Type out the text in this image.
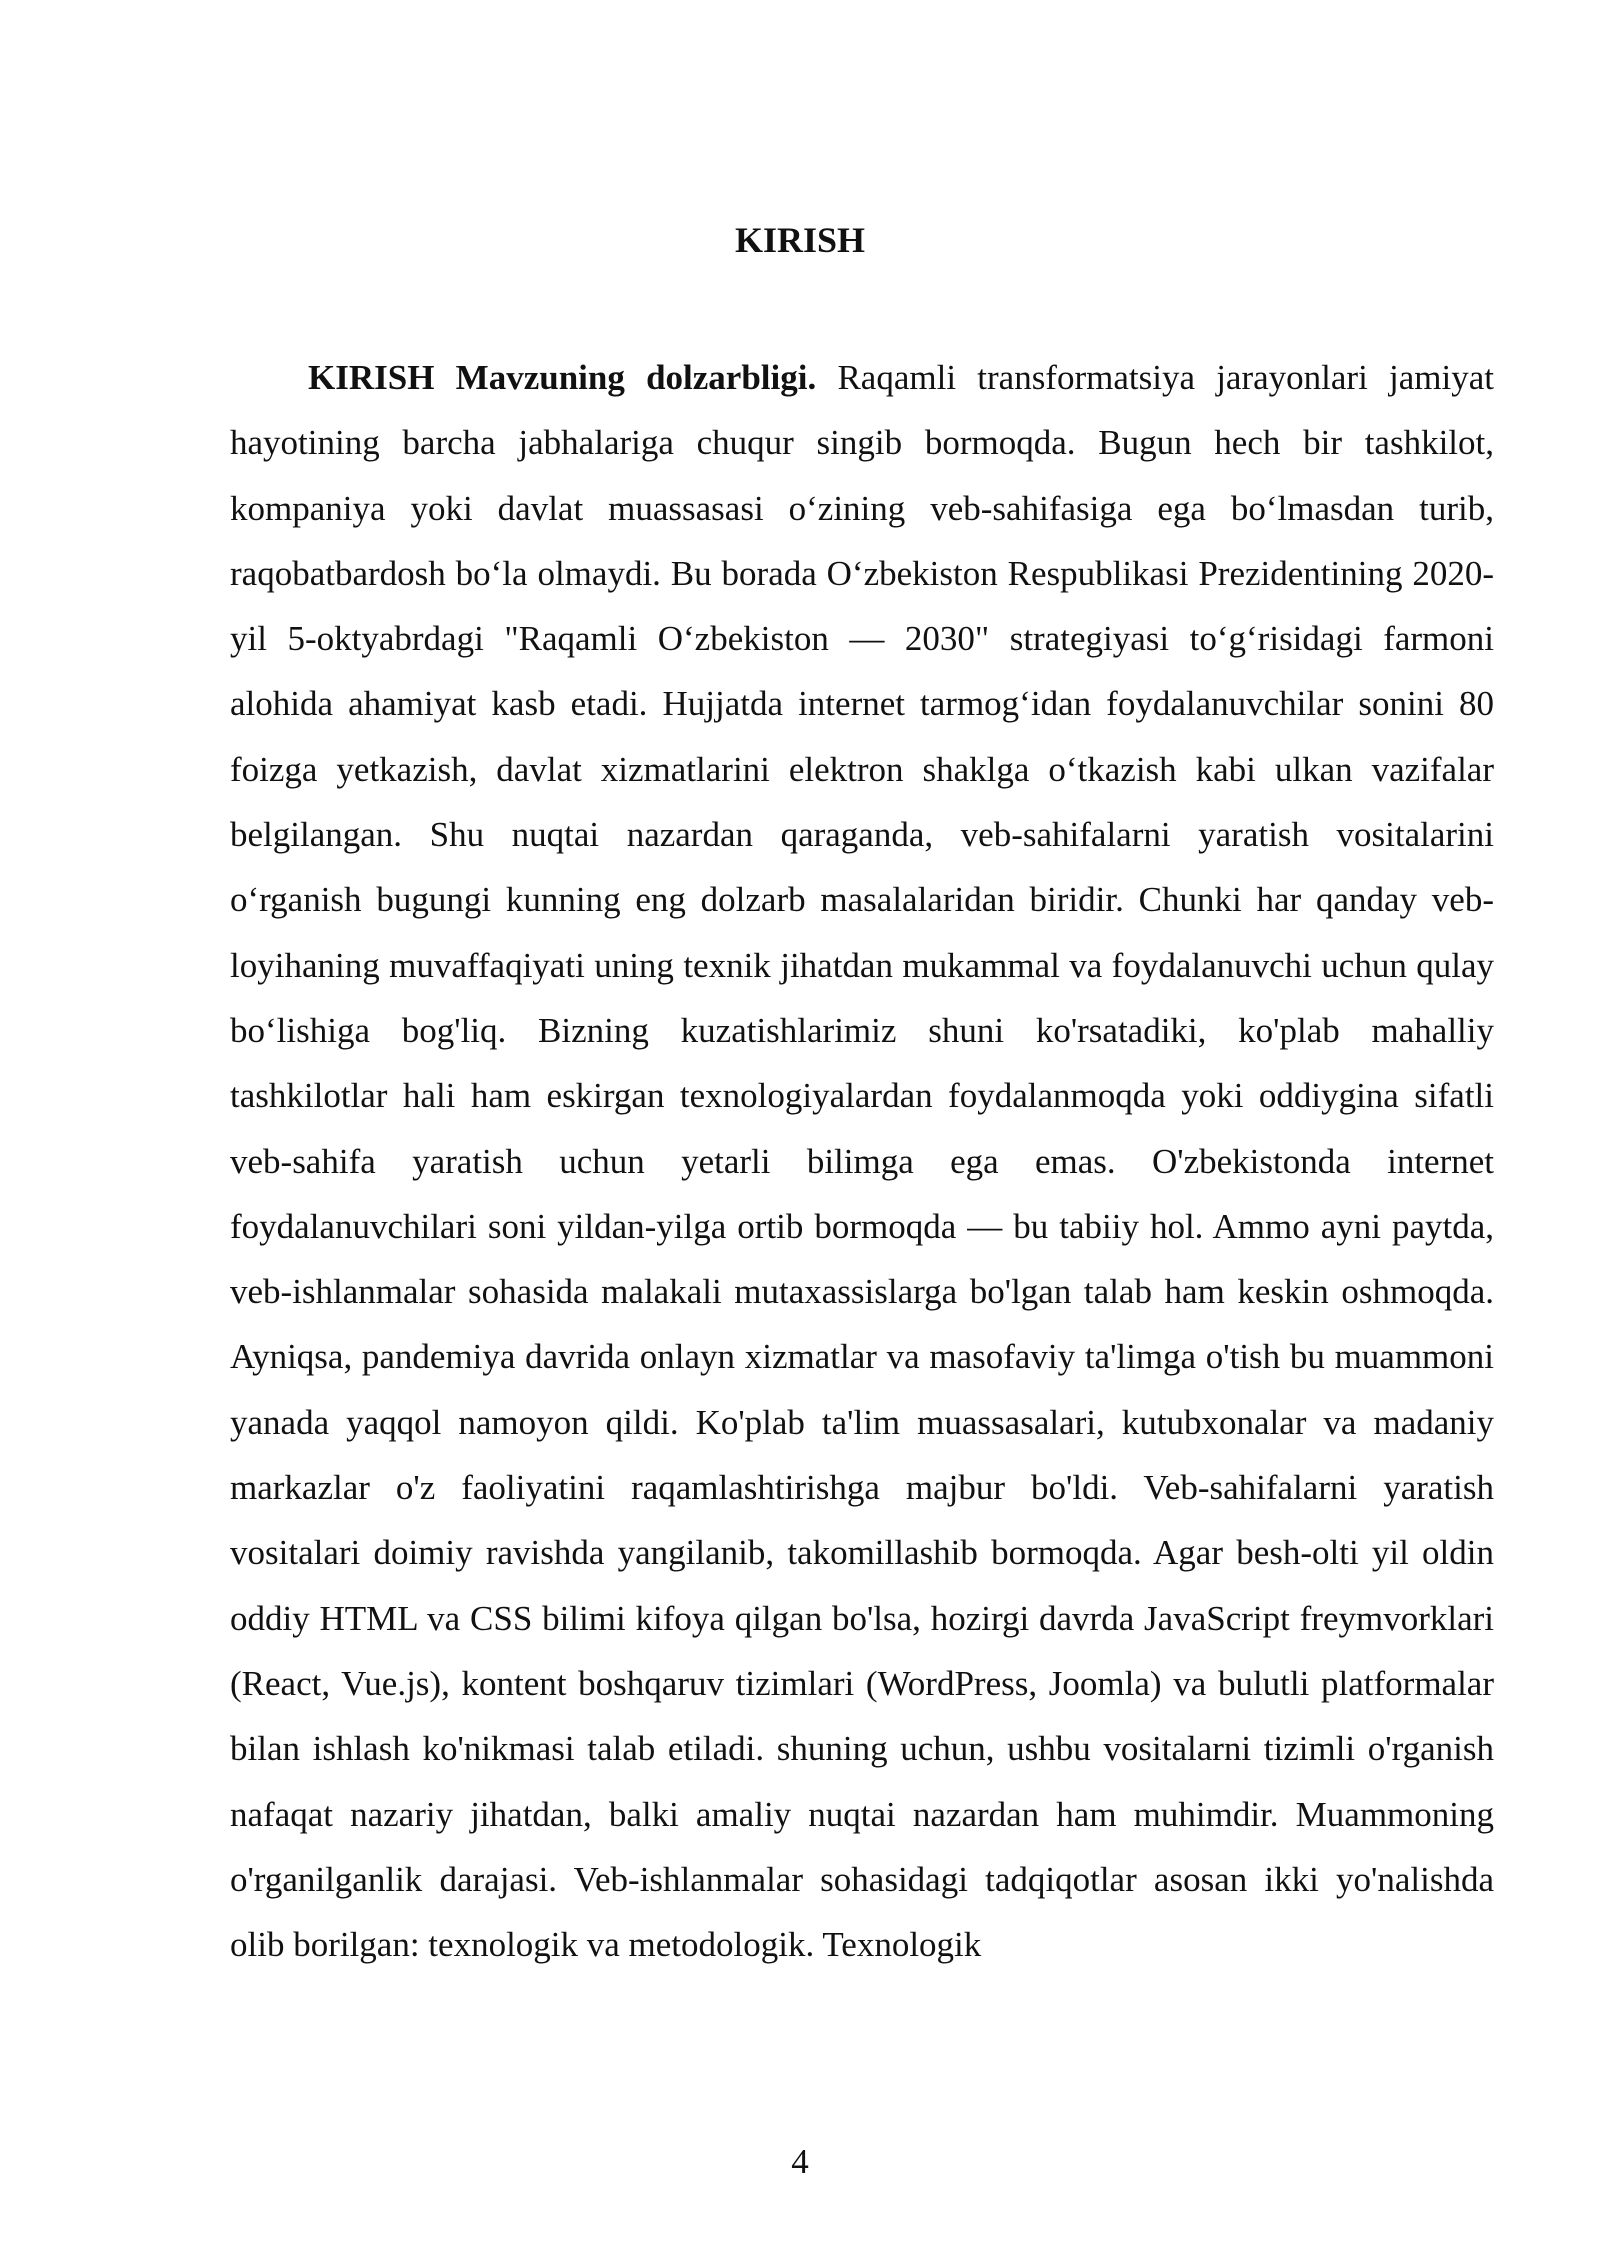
KIRISH

KIRISH Mavzuning dolzarbligi. Raqamli transformatsiya jarayonlari jamiyat hayotining barcha jabhalariga chuqur singib bormoqda. Bugun hech bir tashkilot, kompaniya yoki davlat muassasasi o‘zining veb-sahifasiga ega bo‘lmasdan turib, raqobatbardosh bo‘la olmaydi. Bu borada O‘zbekiston Respublikasi Prezidentining 2020-yil 5-oktyabrdagi "Raqamli O‘zbekiston — 2030" strategiyasi to‘g‘risidagi farmoni alohida ahamiyat kasb etadi. Hujjatda internet tarmog‘idan foydalanuvchilar sonini 80 foizga yetkazish, davlat xizmatlarini elektron shaklga o‘tkazish kabi ulkan vazifalar belgilangan. Shu nuqtai nazardan qaraganda, veb-sahifalarni yaratish vositalarini o‘rganish bugungi kunning eng dolzarb masalalaridan biridir. Chunki har qanday veb-loyihaning muvaffaqiyati uning texnik jihatdan mukammal va foydalanuvchi uchun qulay bo‘lishiga bog'liq. Bizning kuzatishlarimiz shuni ko'rsatadiki, ko'plab mahalliy tashkilotlar hali ham eskirgan texnologiyalardan foydalanmoqda yoki oddiygina sifatli veb-sahifa yaratish uchun yetarli bilimga ega emas. O'zbekistonda internet foydalanuvchilari soni yildan-yilga ortib bormoqda — bu tabiiy hol. Ammo ayni paytda, veb-ishlanmalar sohasida malakali mutaxassislarga bo'lgan talab ham keskin oshmoqda. Ayniqsa, pandemiya davrida onlayn xizmatlar va masofaviy ta'limga o'tish bu muammoni yanada yaqqol namoyon qildi. Ko'plab ta'lim muassasalari, kutubxonalar va madaniy markazlar o'z faoliyatini raqamlashtirishga majbur bo'ldi. Veb-sahifalarni yaratish vositalari doimiy ravishda yangilanib, takomillashib bormoqda. Agar besh-olti yil oldin oddiy HTML va CSS bilimi kifoya qilgan bo'lsa, hozirgi davrda JavaScript freymvorklari (React, Vue.js), kontent boshqaruv tizimlari (WordPress, Joomla) va bulutli platformalar bilan ishlash ko'nikmasi talab etiladi. shuning uchun, ushbu vositalarni tizimli o'rganish nafaqat nazariy jihatdan, balki amaliy nuqtai nazardan ham muhimdir. Muammoning o'rganilganlik darajasi. Veb-ishlanmalar sohasidagi tadqiqotlar asosan ikki yo'nalishda olib borilgan: texnologik va metodologik. Texnologik

4
